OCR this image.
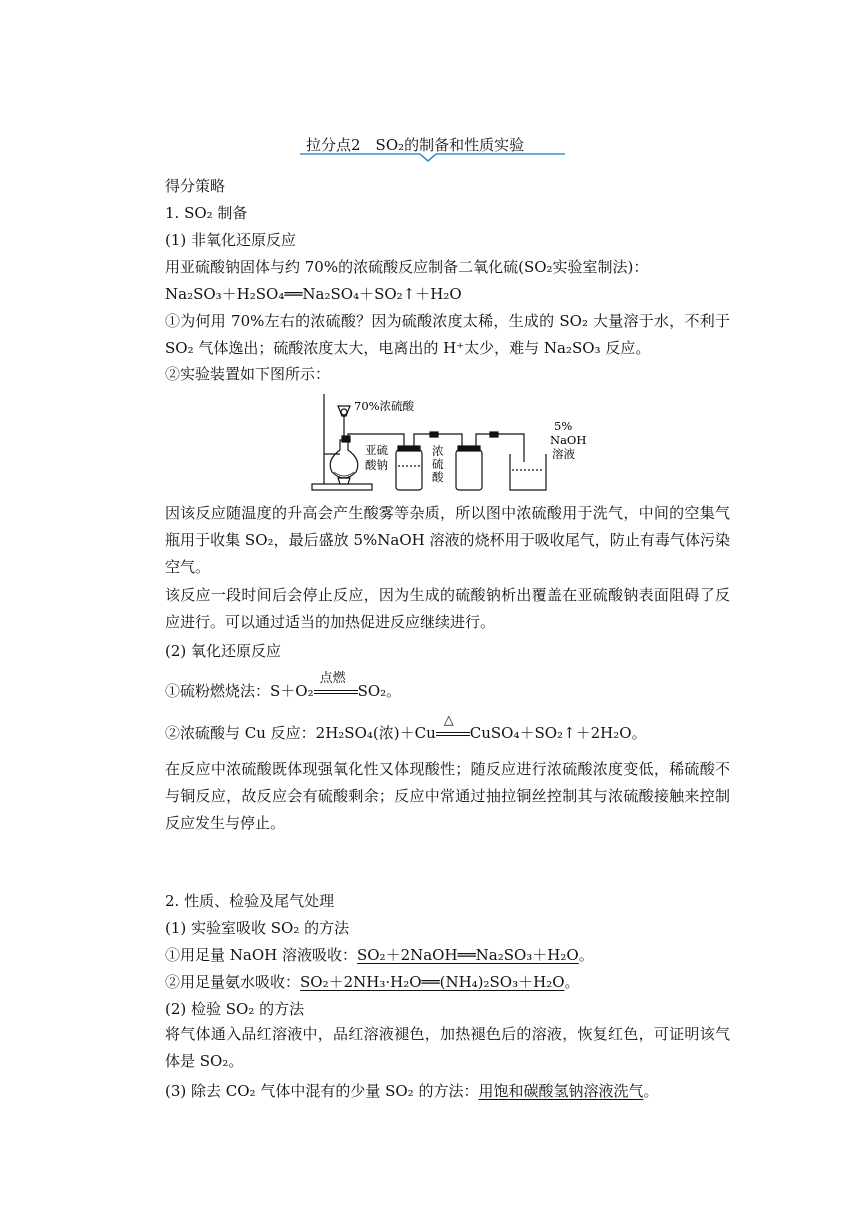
拉分点2　SO₂的制备和性质实验
得分策略
1. SO₂ 制备
(1) 非氧化还原反应
用亚硫酸钠固体与约 70%的浓硫酸反应制备二氧化硫(SO₂实验室制法)：
Na₂SO₃＋H₂SO₄══Na₂SO₄＋SO₂↑＋H₂O
①为何用 70%左右的浓硫酸？因为硫酸浓度太稀，生成的 SO₂ 大量溶于水，不利于 SO₂ 气体逸出；硫酸浓度太大，电离出的 H⁺太少，难与 Na₂SO₃ 反应。
②实验装置如下图所示：
70%浓硫酸
亚硫
酸钠
浓
硫
酸
5%
NaOH
溶液
因该反应随温度的升高会产生酸雾等杂质，所以图中浓硫酸用于洗气，中间的空集气瓶用于收集 SO₂，最后盛放 5%NaOH 溶液的烧杯用于吸收尾气，防止有毒气体污染空气。
该反应一段时间后会停止反应，因为生成的硫酸钠析出覆盖在亚硫酸钠表面阻碍了反应进行。可以通过适当的加热促进反应继续进行。
(2) 氧化还原反应
①硫粉燃烧法：S＋O₂
点燃
SO₂。
②浓硫酸与 Cu 反应：2H₂SO₄(浓)＋Cu
△
CuSO₄＋SO₂↑＋2H₂O。
在反应中浓硫酸既体现强氧化性又体现酸性；随反应进行浓硫酸浓度变低，稀硫酸不与铜反应，故反应会有硫酸剩余；反应中常通过抽拉铜丝控制其与浓硫酸接触来控制反应发生与停止。
2. 性质、检验及尾气处理
(1) 实验室吸收 SO₂ 的方法
①用足量 NaOH 溶液吸收：SO₂＋2NaOH══Na₂SO₃＋H₂O。
②用足量氨水吸收：SO₂＋2NH₃·H₂O══(NH₄)₂SO₃＋H₂O。
(2) 检验 SO₂ 的方法
将气体通入品红溶液中，品红溶液褪色，加热褪色后的溶液，恢复红色，可证明该气体是 SO₂。
(3) 除去 CO₂ 气体中混有的少量 SO₂ 的方法：用饱和碳酸氢钠溶液洗气。
